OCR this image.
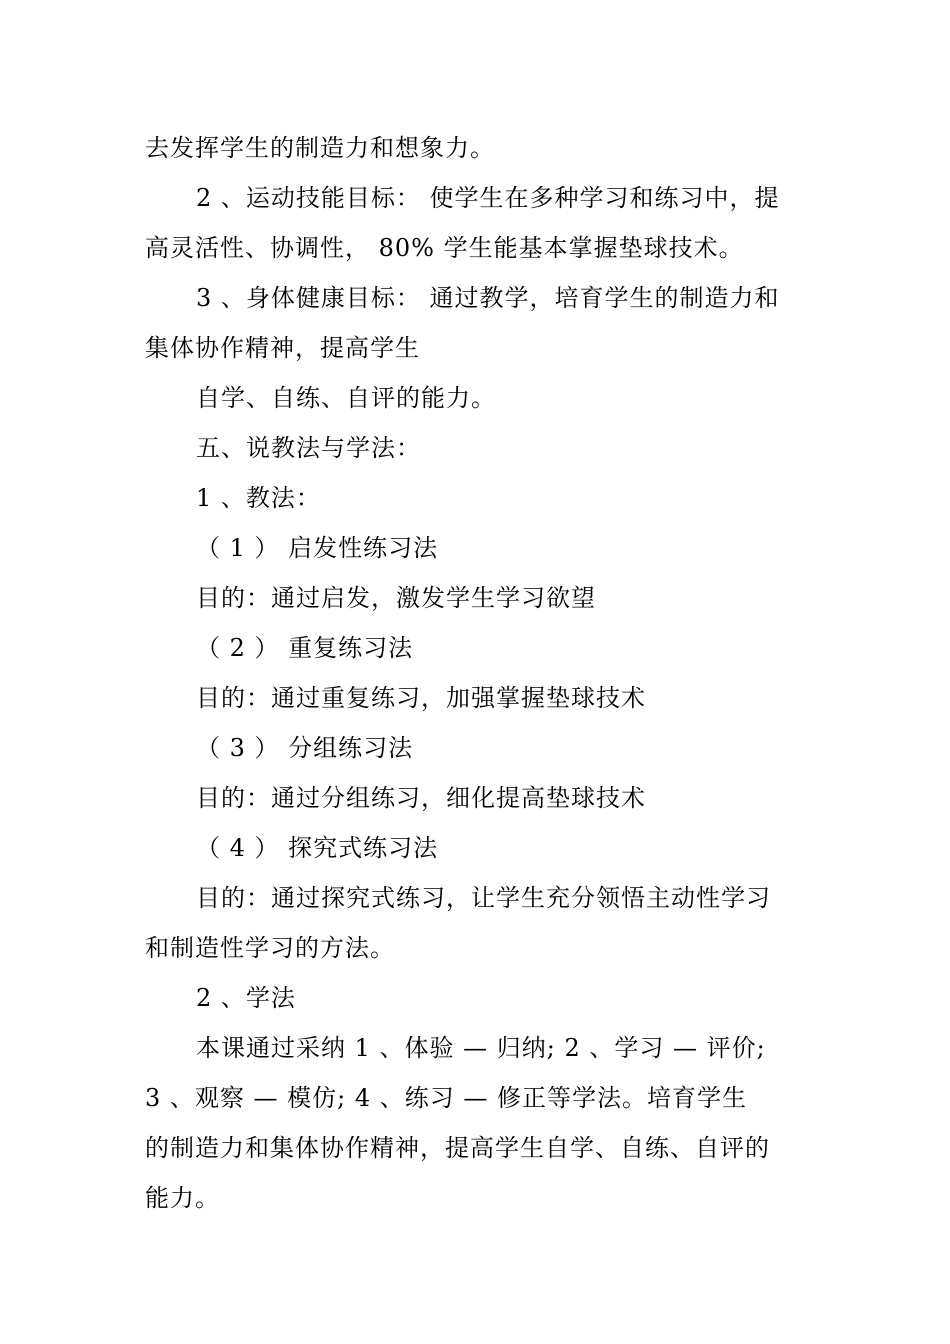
去发挥学生的制造力和想象力。
2 、运动技能目标： 使学生在多种学习和练习中，提
高灵活性、协调性， 80% 学生能基本掌握垫球技术。
3 、身体健康目标： 通过教学，培育学生的制造力和
集体协作精神，提高学生
自学、自练、自评的能力。
五、说教法与学法：
1 、教法：
（ 1 ） 启发性练习法
目的：通过启发，激发学生学习欲望
（ 2 ） 重复练习法
目的：通过重复练习，加强掌握垫球技术
（ 3 ） 分组练习法
目的：通过分组练习，细化提高垫球技术
（ 4 ） 探究式练习法
目的：通过探究式练习，让学生充分领悟主动性学习
和制造性学习的方法。
2 、学法
本课通过采纳 1 、体验 — 归纳; 2 、学习 — 评价;
3 、观察 — 模仿; 4 、练习 — 修正等学法。培育学生
的制造力和集体协作精神，提高学生自学、自练、自评的
能力。
